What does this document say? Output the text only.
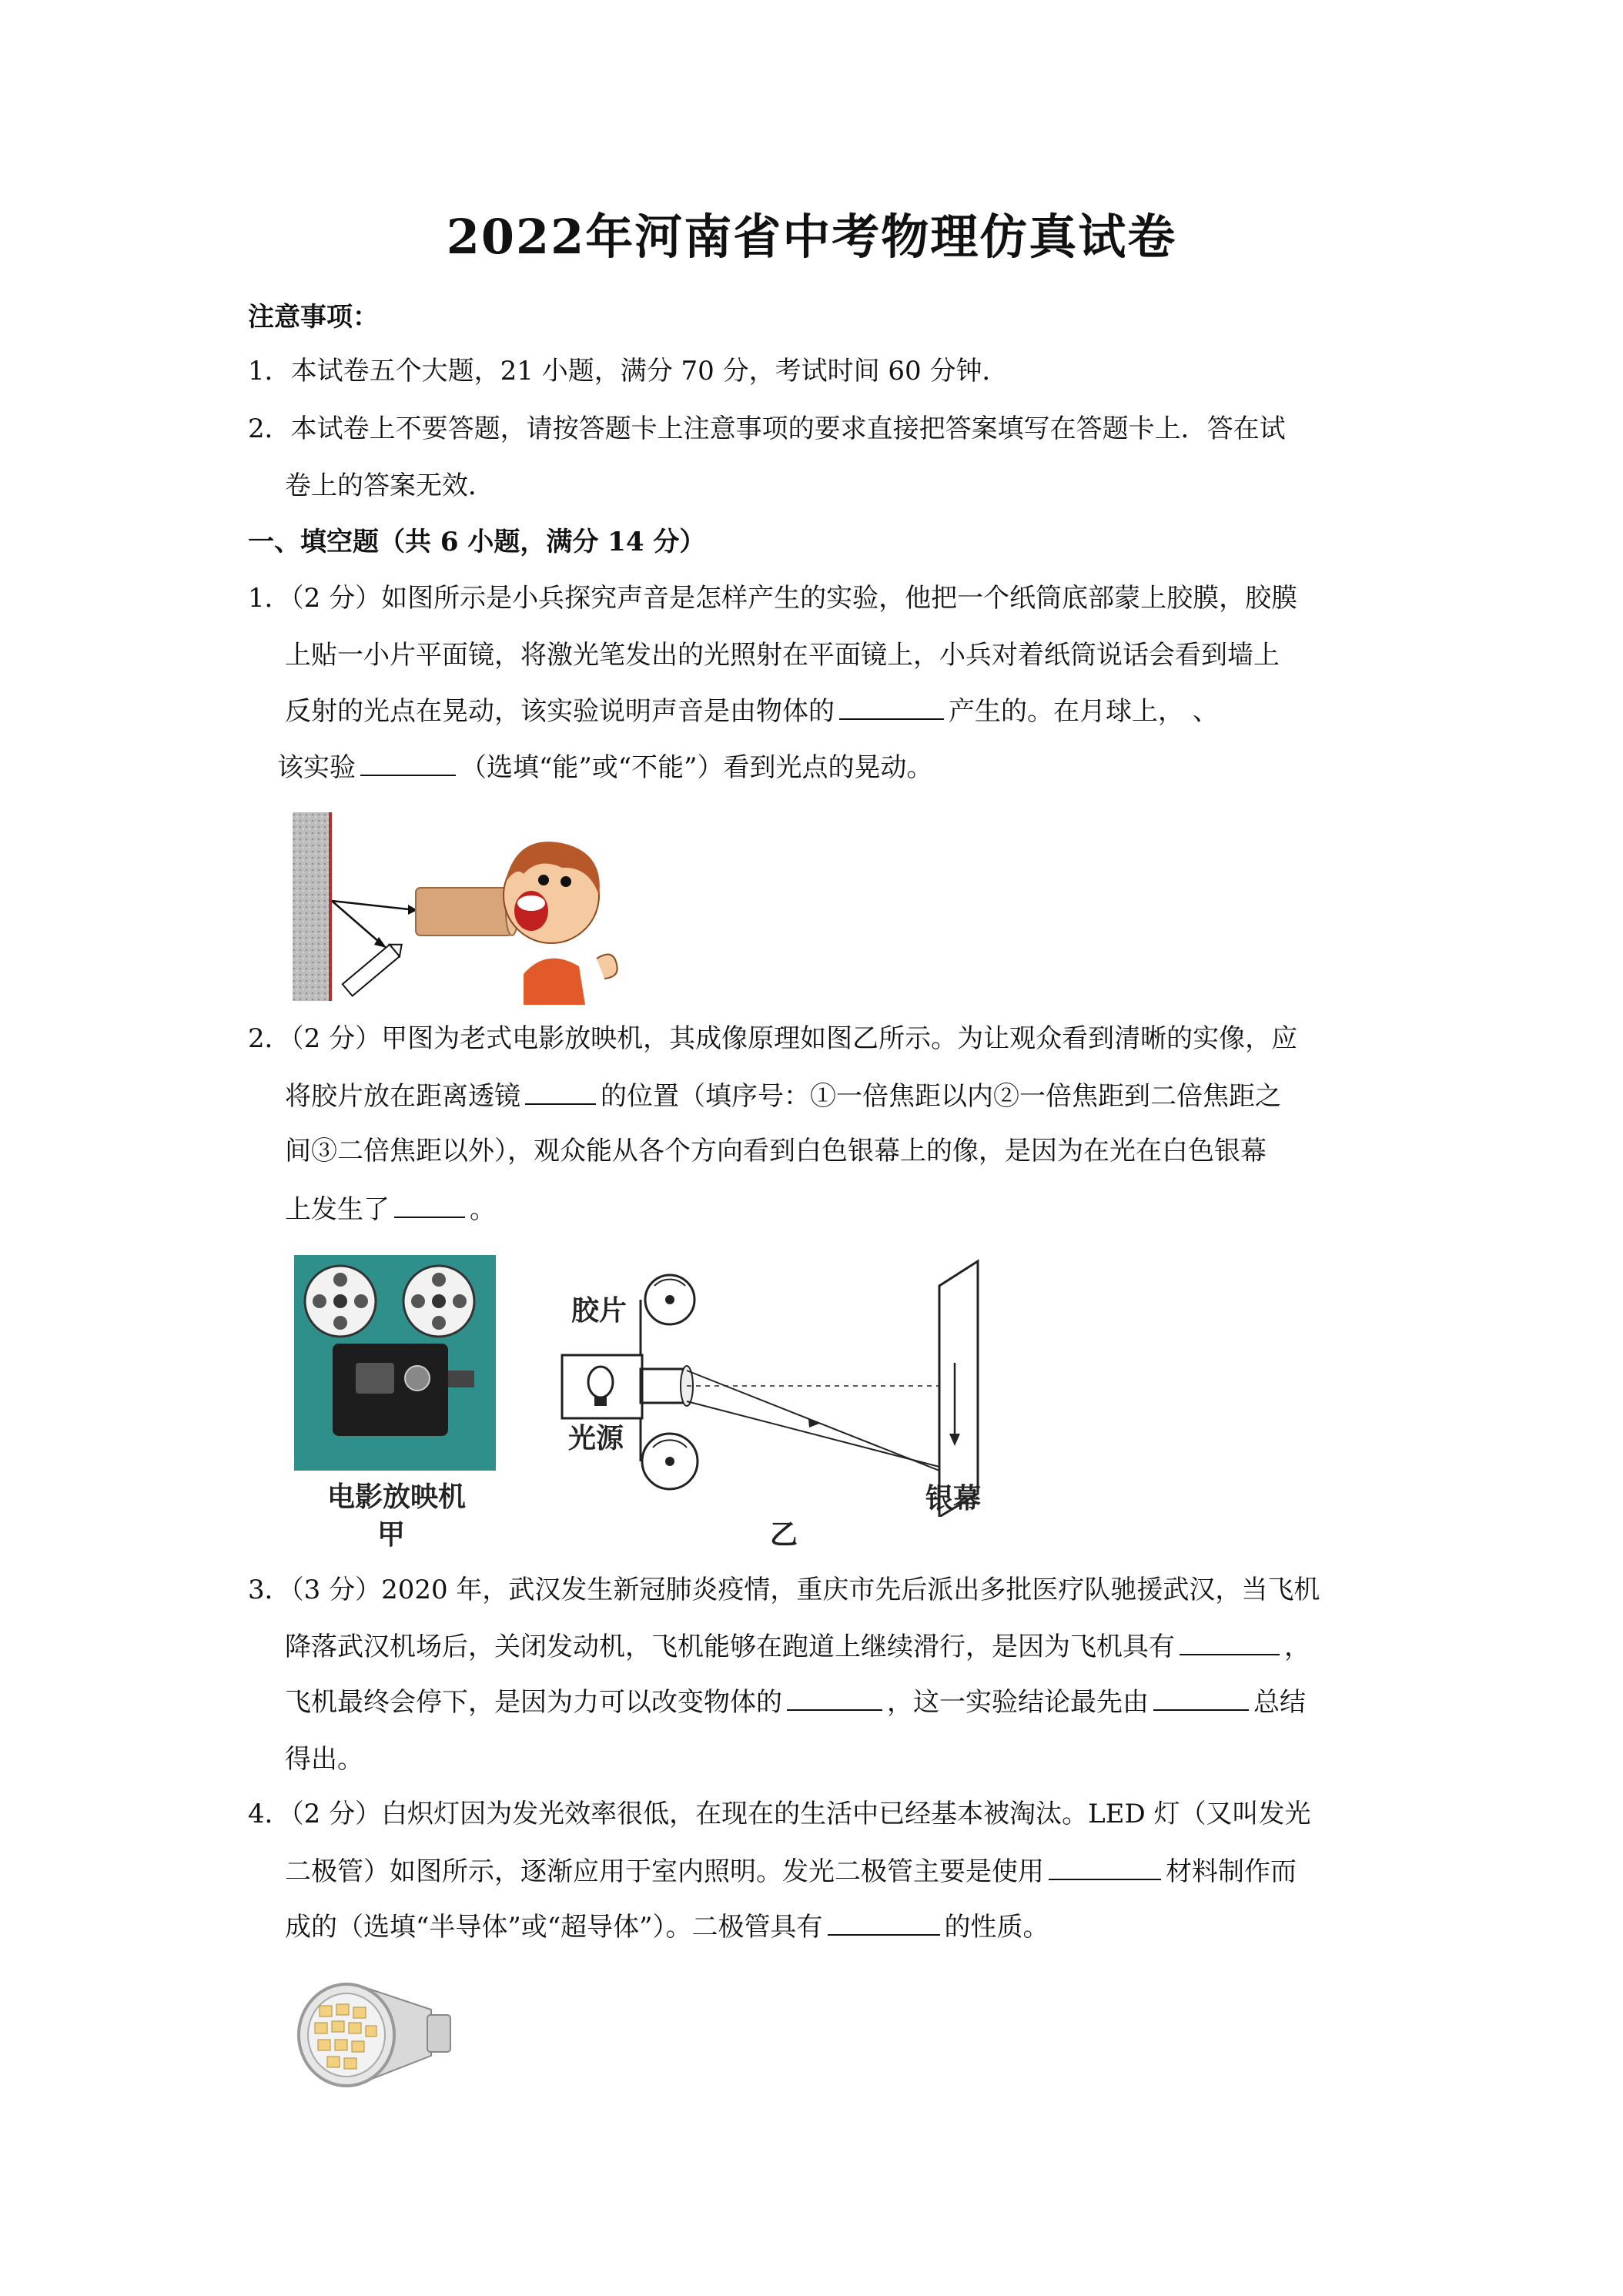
2022年河南省中考物理仿真试卷
注意事项：
1．本试卷五个大题，21 小题，满分 70 分，考试时间 60 分钟．
2．本试卷上不要答题，请按答题卡上注意事项的要求直接把答案填写在答题卡上．答在试
卷上的答案无效．
一、填空题（共 6 小题，满分 14 分）
1．（2 分）如图所示是小兵探究声音是怎样产生的实验，他把一个纸筒底部蒙上胶膜，胶膜
上贴一小片平面镜，将激光笔发出的光照射在平面镜上，小兵对着纸筒说话会看到墙上
反射的光点在晃动，该实验说明声音是由物体的	产生的。在月球上， 、
该实验	（选填“能”或“不能”）看到光点的晃动。
2．（2 分）甲图为老式电影放映机，其成像原理如图乙所示。为让观众看到清晰的实像，应
将胶片放在距离透镜	的位置（填序号：①一倍焦距以内②一倍焦距到二倍焦距之
间③二倍焦距以外），观众能从各个方向看到白色银幕上的像，是因为在光在白色银幕
上发生了	。
电影放映机
甲
胶片
光源
银幕
乙
3．（3 分）2020 年，武汉发生新冠肺炎疫情，重庆市先后派出多批医疗队驰援武汉，当飞机
降落武汉机场后，关闭发动机，飞机能够在跑道上继续滑行，是因为飞机具有	，
飞机最终会停下，是因为力可以改变物体的	，这一实验结论最先由	总结
得出。
4．（2 分）白炽灯因为发光效率很低，在现在的生活中已经基本被淘汰。LED 灯（又叫发光
二极管）如图所示，逐渐应用于室内照明。发光二极管主要是使用	材料制作而
成的（选填“半导体”或“超导体”）。二极管具有	的性质。
